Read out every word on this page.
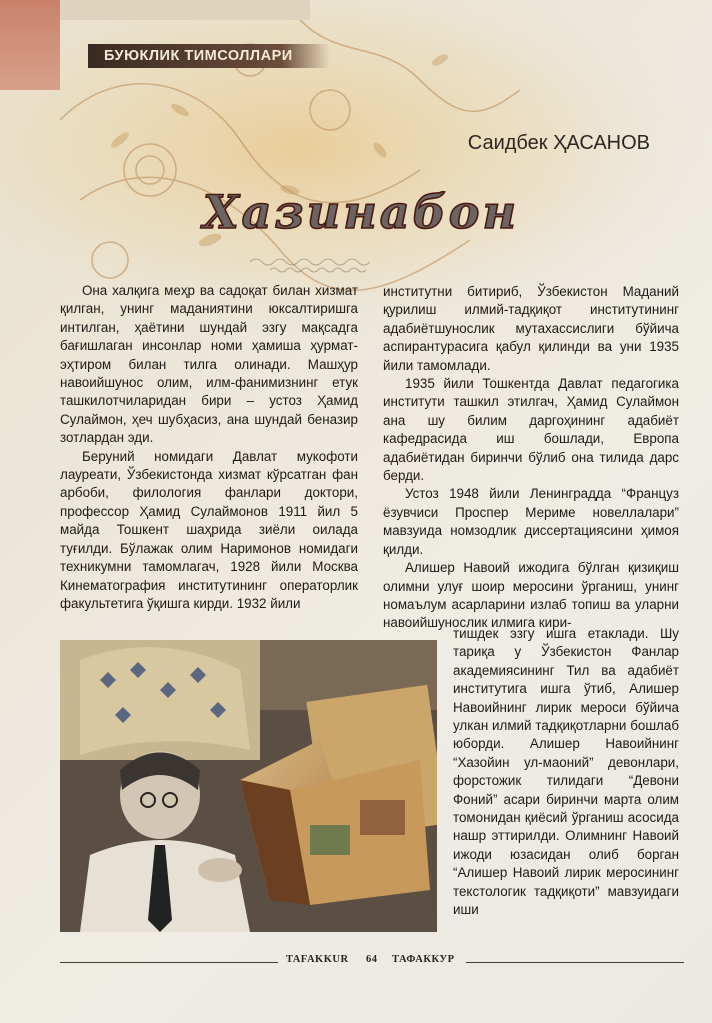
БУЮКЛИК ТИМСОЛЛАРИ
Саидбек ҲАСАНОВ
Хазинабон

Она халқига меҳр ва садоқат билан хизмат қилган, унинг маданиятини юксалтиришга интилган, ҳаётини шундай эзгу мақсадга бағишлаган инсонлар номи ҳамиша ҳурмат-эҳтиром билан тилга олинади. Машҳур навоийшунос олим, илм-фанимизнинг етук ташкилотчиларидан бири – устоз Ҳамид Сулаймон, ҳеч шубҳасиз, ана шундай беназир зотлардан эди.

Беруний номидаги Давлат мукофоти лауреати, Ўзбекистонда хизмат кўрсатган фан арбоби, филология фанлари доктори, профессор Ҳамид Сулаймонов 1911 йил 5 майда Тошкент шаҳрида зиёли оилада туғилди. Бўлажак олим Наримонов номидаги техникумни тамомлагач, 1928 йили Москва Кинематография институтининг операторлик факультетига ўқишга кирди. 1932 йили

институтни битириб, Ўзбекистон Маданий қурилиш илмий-тадқиқот институтининг адабиётшунослик мутахассислиги бўйича аспирантурасига қабул қилинди ва уни 1935 йили тамомлади.

1935 йили Тошкентда Давлат педагогика институти ташкил этилгач, Ҳамид Сулаймон ана шу билим даргоҳининг адабиёт кафедрасида иш бошлади, Европа адабиётидан биринчи бўлиб она тилида дарс берди.

Устоз 1948 йили Ленинградда “Француз ёзувчиси Проспер Мериме новеллалари” мавзуида номзодлик диссертациясини ҳимоя қилди.

Алишер Навоий ижодига бўлган қизиқиш олимни улуғ шоир меросини ўрганиш, унинг номаълум асарларини излаб топиш ва уларни навоийшунослик илмига кири-

тишдек эзгу ишга етаклади. Шу тариқа у Ўзбекистон Фанлар академиясининг Тил ва адабиёт институтига ишга ўтиб, Алишер Навоийнинг лирик мероси бўйича улкан илмий тадқиқотларни бошлаб юборди. Алишер Навоийнинг “Хазойин ул-маоний” девонлари, форстожик тилидаги “Девони Фоний” асари биринчи марта олим томонидан қиёсий ўрганиш асосида нашр эттирилди. Олимнинг Навоий ижоди юзасидан олиб борган “Алишер Навоий лирик меросининг текстологик тадқиқоти” мавзуидаги иши

TAFAKKUR 64 ТАФАККУР
